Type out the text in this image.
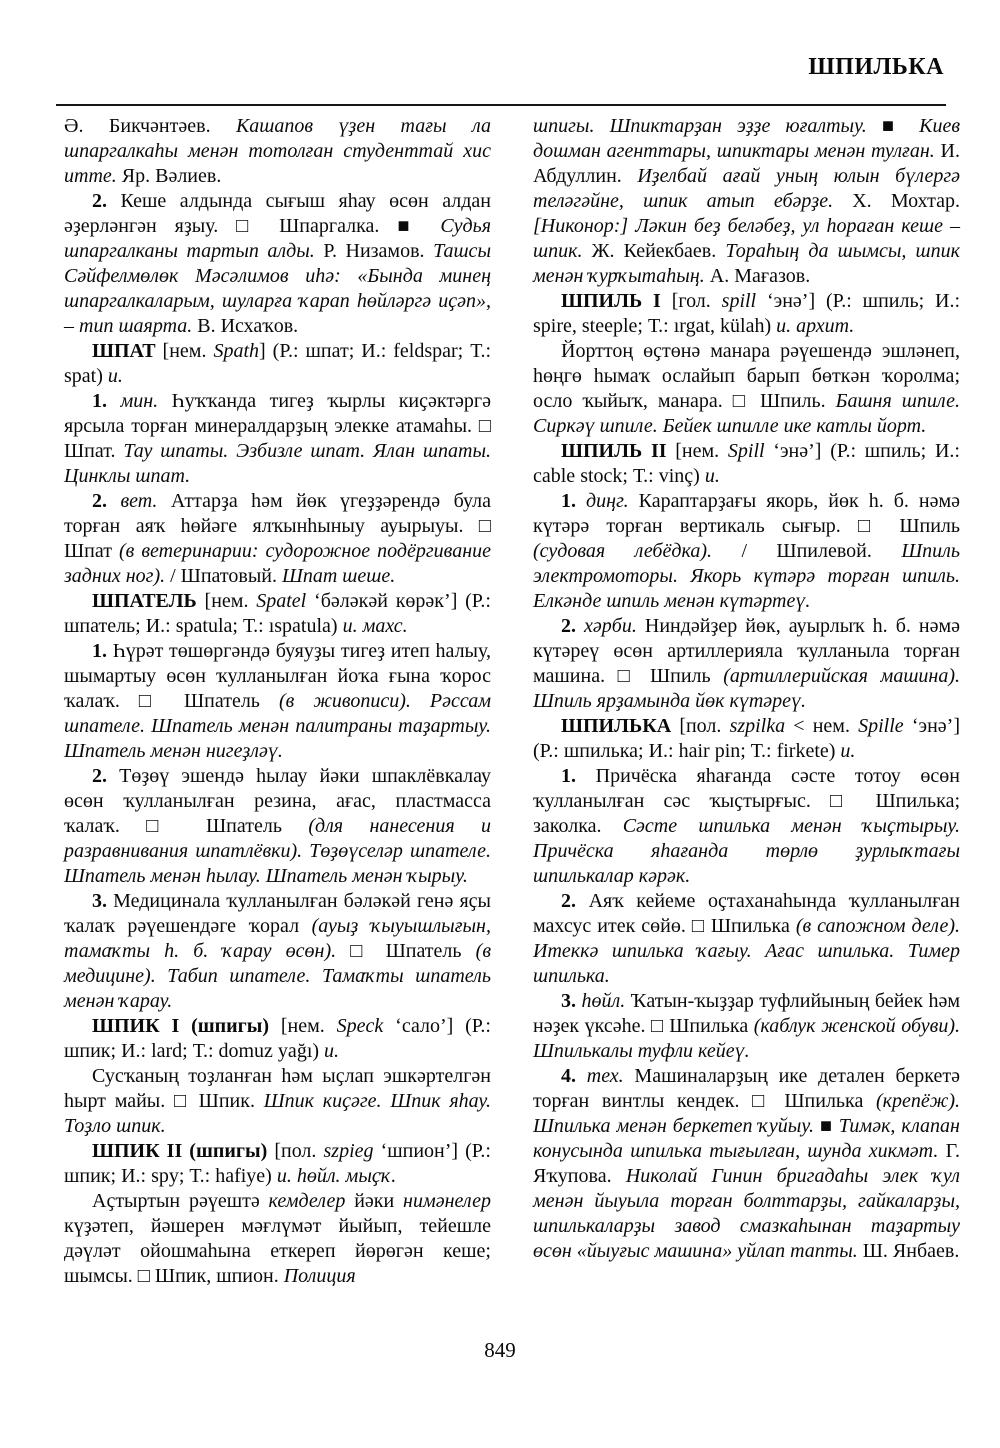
ШПИЛЬКА

Ә. Бикчәнтәев. Кашапов үҙен тағы ла шпаргалкаһы менән тотолған студенттай хис итте. Яр. Вәлиев.

2. Кеше алдында сығыш яһау өсөн алдан әҙерләнгән яҙыу. □ Шпаргалка. ■ Судья шпаргалканы тартып алды. Р. Низамов. Ташсы Сәйфелмөлөк Мәсәлимов иһә: «Бында минең шпаргалкаларым, шуларға ҡарап һөйләргә иҫәп», – тип шаярта. В. Исхаҡов.

ШПАТ [нем. Spath] (Р.: шпат; И.: feldspar; Т.: spat) и.

1. мин. Һуҡҡанда тигеҙ ҡырлы киҫәктәргә ярсыла торған минералдарҙың элекке атамаһы. □ Шпат. Тау шпаты. Эзбизле шпат. Ялан шпаты. Цинклы шпат.

2. вет. Аттарҙа һәм йөк үгеҙҙәрендә була торған аяҡ һөйәге ялҡынһыныу ауырыуы. □ Шпат (в ветеринарии: судорожное подёргивание задних ног). / Шпатовый. Шпат шеше.

ШПАТЕЛЬ [нем. Spatel ‘бәләкәй көрәк’] (Р.: шпатель; И.: spatula; Т.: ıspatula) и. махс.

1. Һүрәт төшөргәндә буяуҙы тигеҙ итеп һалыу, шымартыу өсөн ҡулланылған йоҡа ғына ҡорос ҡалаҡ. □ Шпатель (в живописи). Рәссам шпателе. Шпатель менән палитраны таҙартыу. Шпатель менән нигеҙләү.

2. Төҙөү эшендә һылау йәки шпаклёвкалау өсөн ҡулланылған резина, ағас, пластмасса ҡалаҡ. □ Шпатель (для нанесения и разравнивания шпатлёвки). Төҙөүселәр шпателе. Шпатель менән һылау. Шпатель менән ҡырыу.

3. Медицинала ҡулланылған бәләкәй генә яҫы ҡалаҡ рәүешендәге ҡорал (ауыҙ ҡыуышлығын, тамаҡты һ. б. ҡарау өсөн). □ Шпатель (в медицине). Табип шпателе. Тамаҡты шпатель менән ҡарау.

ШПИК I (шпигы) [нем. Speck ‘сало’] (Р.: шпик; И.: lard; Т.: domuz yağı) и.

Сусҡаның тоҙланған һәм ыҫлап эшкәртелгән һырт майы. □ Шпик. Шпик киҫәге. Шпик яһау. Тоҙло шпик.

ШПИК II (шпигы) [пол. szpieg ‘шпион’] (Р.: шпик; И.: spy; Т.: hafiye) и. һөйл. мыҫҡ.

Аҫтыртын рәүештә кемделер йәки нимәнелер күҙәтеп, йәшерен мәғлүмәт йыйып, тейешле дәүләт ойошмаһына еткереп йөрөгән кеше; шымсы. □ Шпик, шпион. Полиция

шпигы. Шпиктарҙан эҙҙе юғалтыу. ■ Киев дошман агенттары, шпиктары менән тулған. И. Абдуллин. Иҙелбай ағай уның юлын бүлергә теләгәйне, шпик атып ебәрҙе. Х. Мохтар. [Никонор:] Ләкин беҙ беләбеҙ, ул һораған кеше – шпик. Ж. Кейекбаев. Тораһың да шымсы, шпик менән ҡурҡытаһың. А. Мағазов.

ШПИЛЬ I [гол. spill ‘энә’] (Р.: шпиль; И.: spire, steeple; Т.: ırgat, külah) и. архит.

Йорттоң өҫтөнә манара рәүешендә эшләнеп, һөңгө һымаҡ ослайып барып бөткән ҡоролма; осло ҡыйыҡ, манара. □ Шпиль. Башня шпиле. Сиркәү шпиле. Бейек шпилле ике катлы йорт.

ШПИЛЬ II [нем. Spill ‘энә’] (Р.: шпиль; И.: cable stock; Т.: vinç) и.

1. диңг. Караптарҙағы якорь, йөк һ. б. нәмә күтәрә торған вертикаль сығыр. □ Шпиль (судовая лебёдка). / Шпилевой. Шпиль электромоторы. Якорь күтәрә торған шпиль. Елкәнде шпиль менән күтәртеү.

2. хәрби. Ниндәйҙер йөк, ауырлыҡ һ. б. нәмә күтәреү өсөн артиллерияла ҡулланыла торған машина. □ Шпиль (артиллерийская машина). Шпиль ярҙамында йөк күтәреү.

ШПИЛЬКА [пол. szpilka < нем. Spille ‘энә’] (Р.: шпилька; И.: hair pin; Т.: firkete) и.

1. Причёска яһағанда сәсте тотоу өсөн ҡулланылған сәс ҡыҫтырғыс. □ Шпилька; заколка. Сәсте шпилька менән ҡыҫтырыу. Причёска яһағанда төрлө ҙурлыҡтағы шпилькалар кәрәк.

2. Аяҡ кейеме оҫтаханаһында ҡулланылған махсус итек сөйө. □ Шпилька (в сапожном деле). Итеккә шпилька ҡағыу. Ағас шпилька. Тимер шпилька.

3. һөйл. Ҡатын-ҡыҙҙар туфлийының бейек һәм нәҙек үксәһе. □ Шпилька (каблук женской обуви). Шпилькалы туфли кейеү.

4. тех. Машиналарҙың ике детален беркетә торған винтлы кендек. □ Шпилька (крепёж). Шпилька менән беркетеп ҡуйыу. ■ Тимәк, клапан конусында шпилька тығылған, шунда хикмәт. Г. Яҡупова. Николай Гинин бригадаһы элек ҡул менән йыуыла торған болттарҙы, гайкаларҙы, шпилькаларҙы завод смазкаһынан таҙартыу өсөн «йыуғыс машина» уйлап тапты. Ш. Янбаев.

849
